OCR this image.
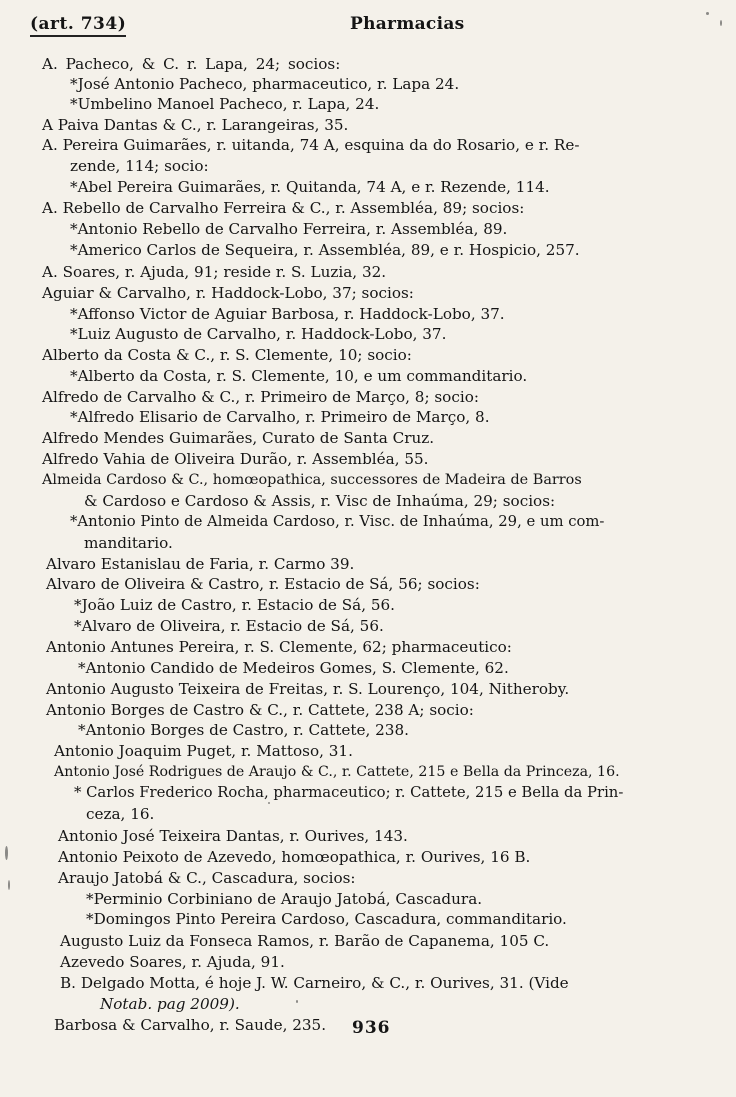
(art. 734)	Pharmacias
A. Pacheco, & C. r. Lapa, 24; socios:
*José Antonio Pacheco, pharmaceutico, r. Lapa 24.
*Umbelino Manoel Pacheco, r. Lapa, 24.
A Paiva Dantas & C., r. Larangeiras, 35.
A. Pereira Guimarães, r. uitanda, 74 A, esquina da do Rosario, e r. Re-
zende, 114; socio:
*Abel Pereira Guimarães, r. Quitanda, 74 A, e r. Rezende, 114.
A. Rebello de Carvalho Ferreira & C., r. Assembléa, 89; socios:
*Antonio Rebello de Carvalho Ferreira, r. Assembléa, 89.
*Americo Carlos de Sequeira, r. Assembléa, 89, e r. Hospicio, 257.
A. Soares, r. Ajuda, 91; reside r. S. Luzia, 32.
Aguiar & Carvalho, r. Haddock-Lobo, 37; socios:
*Affonso Victor de Aguiar Barbosa, r. Haddock-Lobo, 37.
*Luiz Augusto de Carvalho, r. Haddock-Lobo, 37.
Alberto da Costa & C., r. S. Clemente, 10; socio:
*Alberto da Costa, r. S. Clemente, 10, e um commanditario.
Alfredo de Carvalho & C., r. Primeiro de Março, 8; socio:
*Alfredo Elisario de Carvalho, r. Primeiro de Março, 8.
Alfredo Mendes Guimarães, Curato de Santa Cruz.
Alfredo Vahia de Oliveira Durão, r. Assembléa, 55.
Almeida Cardoso & C., homœopathica, successores de Madeira de Barros
& Cardoso e Cardoso & Assis, r. Visc de Inhaúma, 29; socios:
*Antonio Pinto de Almeida Cardoso, r. Visc. de Inhaúma, 29, e um com-
manditario.
Alvaro Estanislau de Faria, r. Carmo 39.
Alvaro de Oliveira & Castro, r. Estacio de Sá, 56; socios:
*João Luiz de Castro, r. Estacio de Sá, 56.
*Alvaro de Oliveira, r. Estacio de Sá, 56.
Antonio Antunes Pereira, r. S. Clemente, 62; pharmaceutico:
*Antonio Candido de Medeiros Gomes, S. Clemente, 62.
Antonio Augusto Teixeira de Freitas, r. S. Lourenço, 104, Nitheroby.
Antonio Borges de Castro & C., r. Cattete, 238 A; socio:
*Antonio Borges de Castro, r. Cattete, 238.
Antonio Joaquim Puget, r. Mattoso, 31.
Antonio José Rodrigues de Araujo & C., r. Cattete, 215 e Bella da Princeza, 16.
* Carlos Frederico Rocha, pharmaceutico; r. Cattete, 215 e Bella da Prin-
ceza, 16.
Antonio José Teixeira Dantas, r. Ourives, 143.
Antonio Peixoto de Azevedo, homœopathica, r. Ourives, 16 B.
Araujo Jatobá & C., Cascadura, socios:
*Perminio Corbiniano de Araujo Jatobá, Cascadura.
*Domingos Pinto Pereira Cardoso, Cascadura, commanditario.
Augusto Luiz da Fonseca Ramos, r. Barão de Capanema, 105 C.
Azevedo Soares, r. Ajuda, 91.
B. Delgado Motta, é hoje J. W. Carneiro, & C., r. Ourives, 31. (Vide
Notab. pag 2009).
Barbosa & Carvalho, r. Saude, 235. 936
